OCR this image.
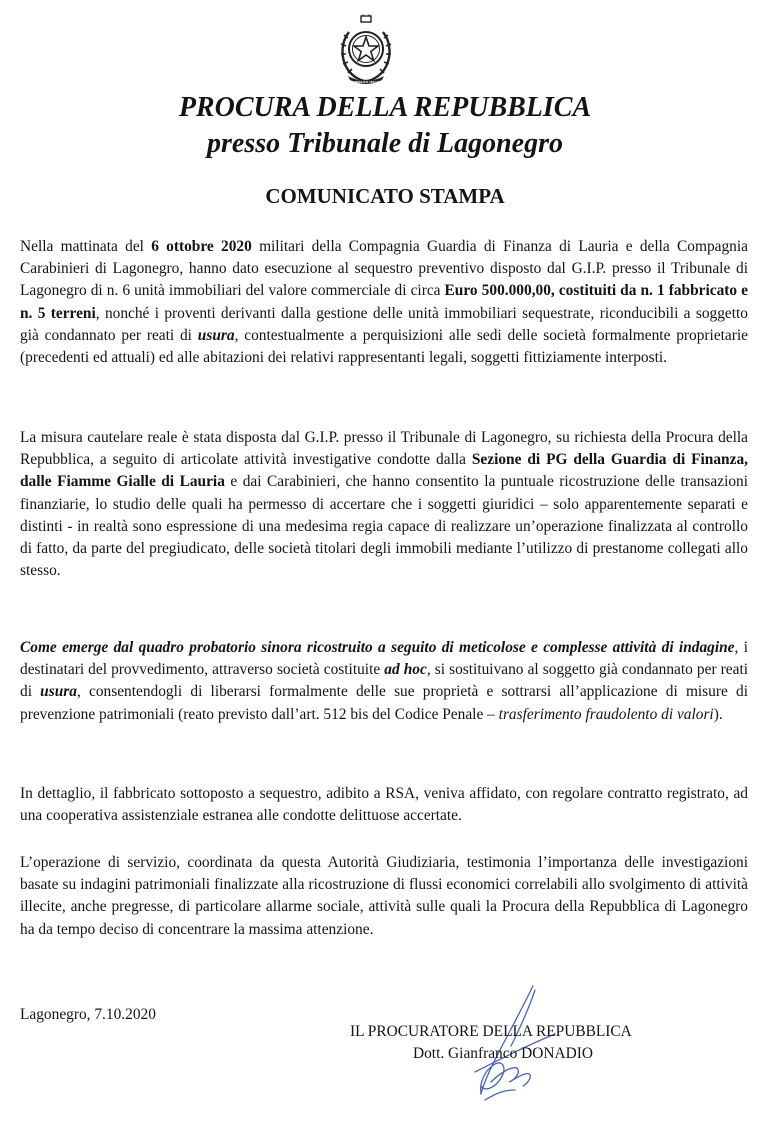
REPUBBLICA ITALIANA
PROCURA DELLA REPUBBLICA
presso Tribunale di Lagonegro
COMUNICATO STAMPA

Nella mattinata del 6 ottobre 2020 militari della Compagnia Guardia di Finanza di Lauria e della Compagnia Carabinieri di Lagonegro, hanno dato esecuzione al sequestro preventivo disposto dal G.I.P. presso il Tribunale di Lagonegro di n. 6 unità immobiliari del valore commerciale di circa Euro 500.000,00, costituiti da n. 1 fabbricato e n. 5 terreni, nonché i proventi derivanti dalla gestione delle unità immobiliari sequestrate, riconducibili a soggetto già condannato per reati di usura, contestualmente a perquisizioni alle sedi delle società formalmente proprietarie (precedenti ed attuali) ed alle abitazioni dei relativi rappresentanti legali, soggetti fittiziamente interposti.

La misura cautelare reale è stata disposta dal G.I.P. presso il Tribunale di Lagonegro, su richiesta della Procura della Repubblica, a seguito di articolate attività investigative condotte dalla Sezione di PG della Guardia di Finanza, dalle Fiamme Gialle di Lauria e dai Carabinieri, che hanno consentito la puntuale ricostruzione delle transazioni finanziarie, lo studio delle quali ha permesso di accertare che i soggetti giuridici – solo apparentemente separati e distinti - in realtà sono espressione di una medesima regia capace di realizzare un’operazione finalizzata al controllo di fatto, da parte del pregiudicato, delle società titolari degli immobili mediante l’utilizzo di prestanome collegati allo stesso.

Come emerge dal quadro probatorio sinora ricostruito a seguito di meticolose e complesse attività di indagine, i destinatari del provvedimento, attraverso società costituite ad hoc, si sostituivano al soggetto già condannato per reati di usura, consentendogli di liberarsi formalmente delle sue proprietà e sottrarsi all’applicazione di misure di prevenzione patrimoniali (reato previsto dall’art. 512 bis del Codice Penale – trasferimento fraudolento di valori).

In dettaglio, il fabbricato sottoposto a sequestro, adibito a RSA, veniva affidato, con regolare contratto registrato, ad una cooperativa assistenziale estranea alle condotte delittuose accertate.

L’operazione di servizio, coordinata da questa Autorità Giudiziaria, testimonia l’importanza delle investigazioni basate su indagini patrimoniali finalizzate alla ricostruzione di flussi economici correlabili allo svolgimento di attività illecite, anche pregresse, di particolare allarme sociale, attività sulle quali la Procura della Repubblica di Lagonegro ha da tempo deciso di concentrare la massima attenzione.

Lagonegro, 7.10.2020

IL PROCURATORE DELLA REPUBBLICA
Dott. Gianfranco DONADIO
